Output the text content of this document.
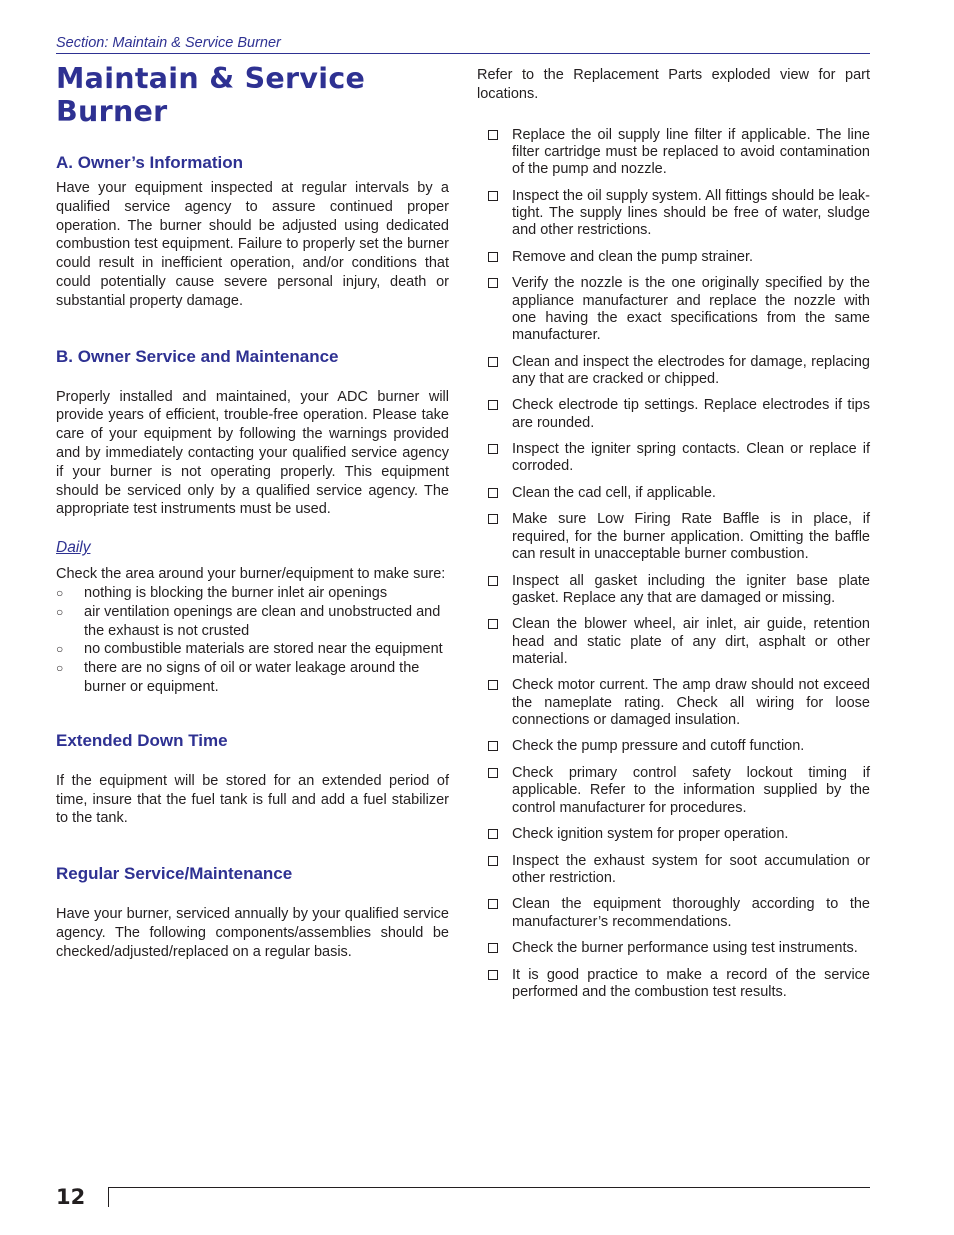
Section: Maintain & Service Burner
Maintain & Service
Burner
A. Owner’s Information

Have your equipment inspected at regular intervals by a qualified service agency to assure continued proper operation. The burner should be adjusted using dedicated combustion test equipment. Failure to properly set the burner could result in inefficient operation, and/or conditions that could potentially cause severe personal injury, death or substantial property damage.

B. Owner Service and Maintenance

Properly installed and maintained, your ADC burner will provide years of efficient, trouble-free operation. Please take care of your equipment by following the warnings provided and by immediately contacting your qualified service agency if your burner is not operating properly. This equipment should be serviced only by a qualified service agency. The appropriate test instruments must be used.

Daily

Check the area around your burner/equipment to make sure:

○ nothing is blocking the burner inlet air openings
○ air ventilation openings are clean and unobstructed and the exhaust is not crusted
○ no combustible materials are stored near the equipment
○ there are no signs of oil or water leakage around the burner or equipment.
Extended Down Time

If the equipment will be stored for an extended period of time, insure that the fuel tank is full and add a fuel stabilizer to the tank.

Regular Service/Maintenance

Have your burner, serviced annually by your qualified service agency. The following components/assemblies should be checked/adjusted/replaced on a regular basis.

Refer to the Replacement Parts exploded view for part locations.

Replace the oil supply line filter if applicable. The line filter cartridge must be replaced to avoid contamination of the pump and nozzle.
Inspect the oil supply system. All fittings should be leak-tight. The supply lines should be free of water, sludge and other restrictions.
Remove and clean the pump strainer.
Verify the nozzle is the one originally specified by the appliance manufacturer and replace the nozzle with one having the exact specifications from the same manufacturer.
Clean and inspect the electrodes for damage, replacing any that are cracked or chipped.
Check electrode tip settings. Replace electrodes if tips are rounded.
Inspect the igniter spring contacts. Clean or replace if corroded.
Clean the cad cell, if applicable.
Make sure Low Firing Rate Baffle is in place, if required, for the burner application. Omitting the baffle can result in unacceptable burner combustion.
Inspect all gasket including the igniter base plate gasket. Replace any that are damaged or missing.
Clean the blower wheel, air inlet, air guide, retention head and static plate of any dirt, asphalt or other material.
Check motor current. The amp draw should not exceed the nameplate rating. Check all wiring for loose connections or damaged insulation.
Check the pump pressure and cutoff function.
Check primary control safety lockout timing if applicable. Refer to the information supplied by the control manufacturer for procedures.
Check ignition system for proper operation.
Inspect the exhaust system for soot accumulation or other restriction.
Clean the equipment thoroughly according to the manufacturer’s recommendations.
Check the burner performance using test instruments.
It is good practice to make a record of the service performed and the combustion test results.
12
